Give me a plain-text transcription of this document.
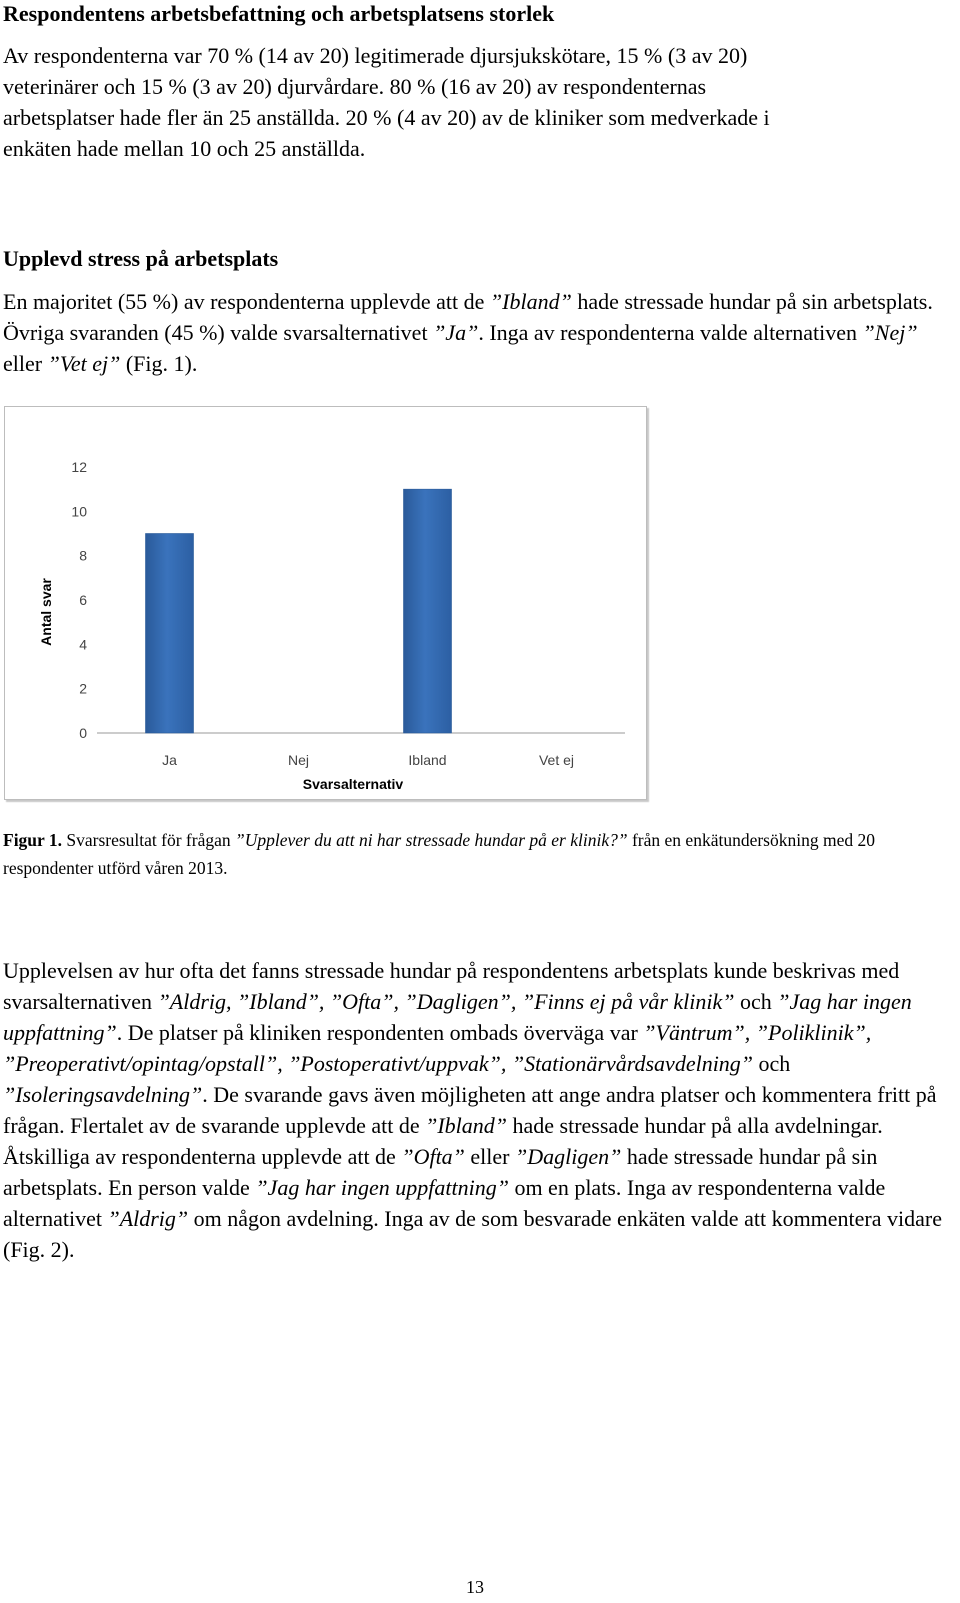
Respondentens arbetsbefattning och arbetsplatsens storlek

Av respondenterna var 70 % (14 av 20) legitimerade djursjukskötare, 15 % (3 av 20)
veterinärer och 15 % (3 av 20) djurvårdare. 80 % (16 av 20) av respondenternas
arbetsplatser hade fler än 25 anställda. 20 % (4 av 20) av de kliniker som medverkade i
enkäten hade mellan 10 och 25 anställda.

Upplevd stress på arbetsplats

En majoritet (55 %) av respondenterna upplevde att de ”Ibland” hade stressade hundar på sin arbetsplats. Övriga svaranden (45 %) valde svarsalternativet ”Ja”. Inga av respondenterna valde alternativen ”Nej” eller ”Vet ej” (Fig. 1).

0
2
4
6
8
10
12
Ja	Nej	Ibland	Vet ej
Svarsalternativ
Antal svar

Figur 1. Svarsresultat för frågan ”Upplever du att ni har stressade hundar på er klinik?” från en enkätundersökning med 20 respondenter utförd våren 2013.

Upplevelsen av hur ofta det fanns stressade hundar på respondentens arbetsplats kunde beskrivas med svarsalternativen ”Aldrig, ”Ibland”, ”Ofta”, ”Dagligen”, ”Finns ej på vår klinik” och ”Jag har ingen uppfattning”. De platser på kliniken respondenten ombads överväga var ”Väntrum”, ”Poliklinik”, ”Preoperativt/opintag/opstall”, ”Postoperativt/uppvak”, ”Stationärvårdsavdelning” och ”Isoleringsavdelning”. De svarande gavs även möjligheten att ange andra platser och kommentera fritt på frågan. Flertalet av de svarande upplevde att de ”Ibland” hade stressade hundar på alla avdelningar. Åtskilliga av respondenterna upplevde att de ”Ofta” eller ”Dagligen” hade stressade hundar på sin arbetsplats. En person valde ”Jag har ingen uppfattning” om en plats. Inga av respondenterna valde alternativet ”Aldrig” om någon avdelning. Inga av de som besvarade enkäten valde att kommentera vidare (Fig. 2).

13
